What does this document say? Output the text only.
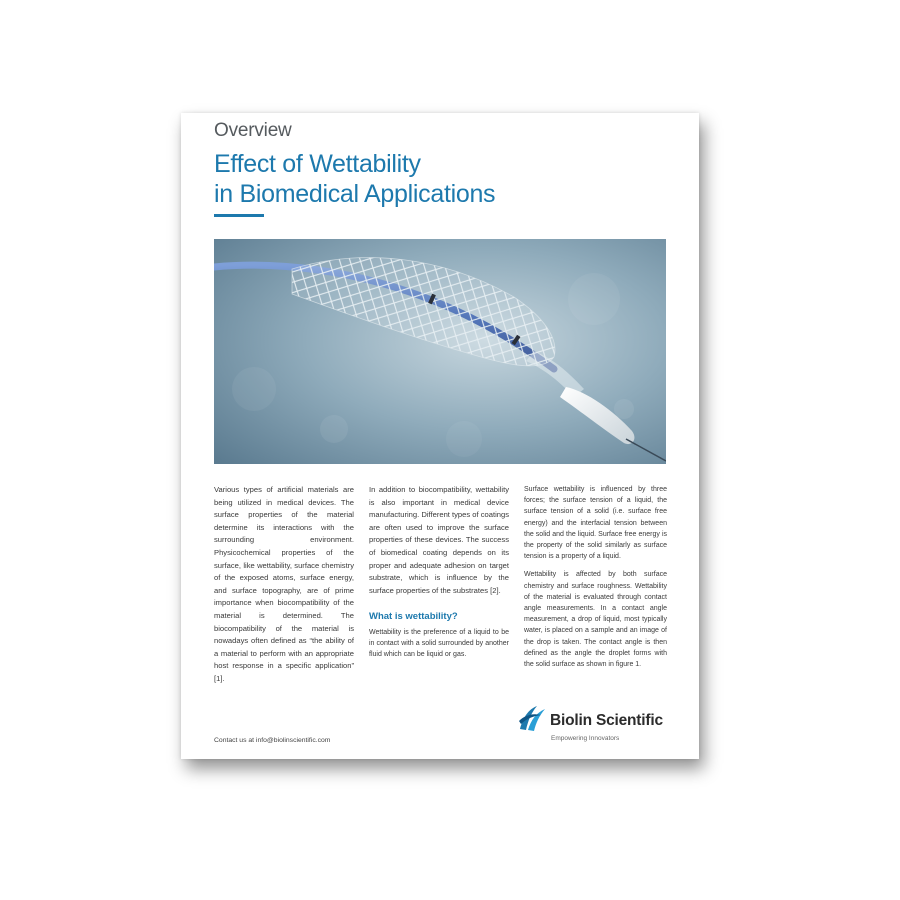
Overview
Effect of Wettability
in Biomedical Applications

Various types of artificial materials are being utilized in medical devices. The surface properties of the material determine its interactions with the surrounding environment. Physicochemical properties of the surface, like wettability, surface chemistry of the exposed atoms, surface energy, and surface topography, are of prime importance when biocompatibility of the material is determined. The biocompatibility of the material is nowadays often defined as “the ability of a material to perform with an appropriate host response in a specific application” [1].

In addition to biocompatibility, wettability is also important in medical device manufacturing. Different types of coatings are often used to improve the surface properties of these devices. The success of biomedical coating depends on its proper and adequate adhesion on target substrate, which is influence by the surface properties of the substrates [2].

What is wettability?

Wettability is the preference of a liquid to be in contact with a solid surrounded by another fluid which can be liquid or gas.

Surface wettability is influenced by three forces; the surface tension of a liquid, the surface tension of a solid (i.e. surface free energy) and the interfacial tension between the solid and the liquid. Surface free energy is the property of the solid similarly as surface tension is a property of a liquid.

Wettability is affected by both surface chemistry and surface roughness. Wettability of the material is evaluated through contact angle measurements. In a contact angle measurement, a drop of liquid, most typically water, is placed on a sample and an image of the drop is taken. The contact angle is then defined as the angle the droplet forms with the solid surface as shown in figure 1.

Contact us at info@biolinscientific.com
Biolin Scientific
Empowering Innovators
